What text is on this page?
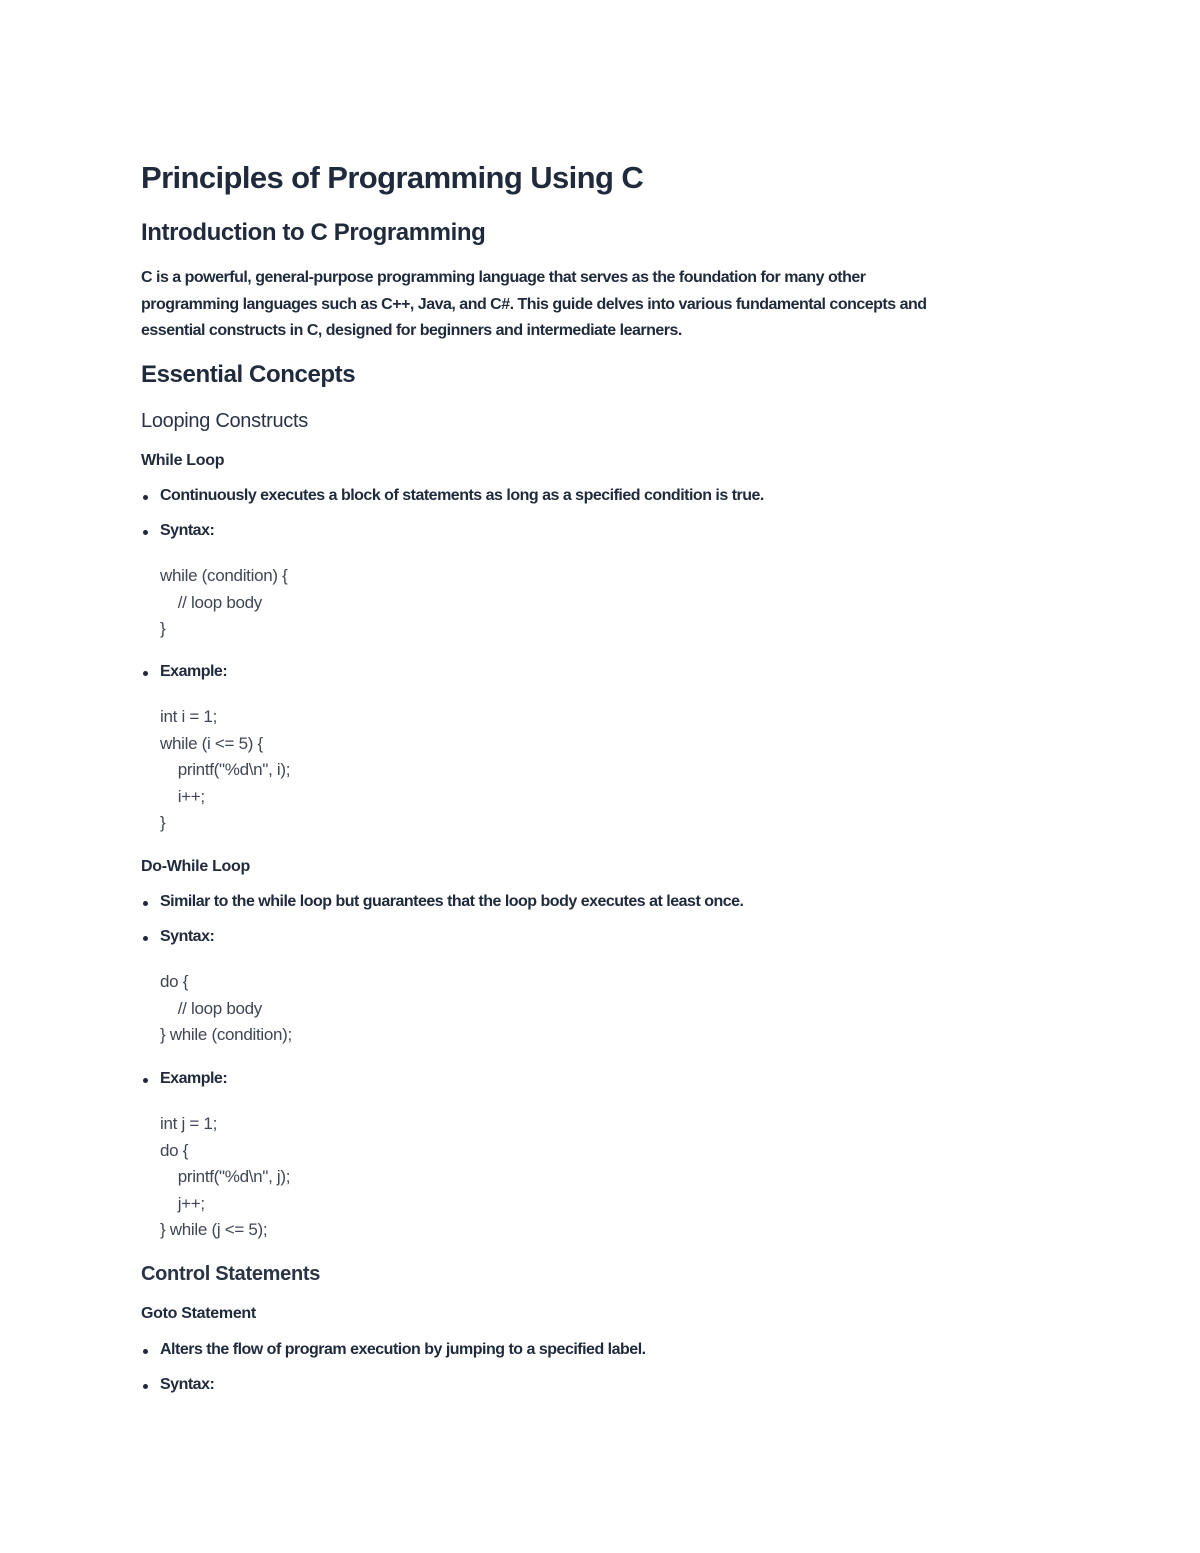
Principles of Programming Using C
Introduction to C Programming
C is a powerful, general-purpose programming language that serves as the foundation for many other
programming languages such as C++, Java, and C#. This guide delves into various fundamental concepts and
essential constructs in C, designed for beginners and intermediate learners.
Essential Concepts
Looping Constructs
While Loop
Continuously executes a block of statements as long as a specified condition is true.
Syntax:
while (condition) {
// loop body
}
Example:
int i = 1;
while (i <= 5) {
printf("%d\n", i);
i++;
}
Do-While Loop
Similar to the while loop but guarantees that the loop body executes at least once.
Syntax:
do {
// loop body
} while (condition);
Example:
int j = 1;
do {
printf("%d\n", j);
j++;
} while (j <= 5);
Control Statements
Goto Statement
Alters the flow of program execution by jumping to a specified label.
Syntax:
